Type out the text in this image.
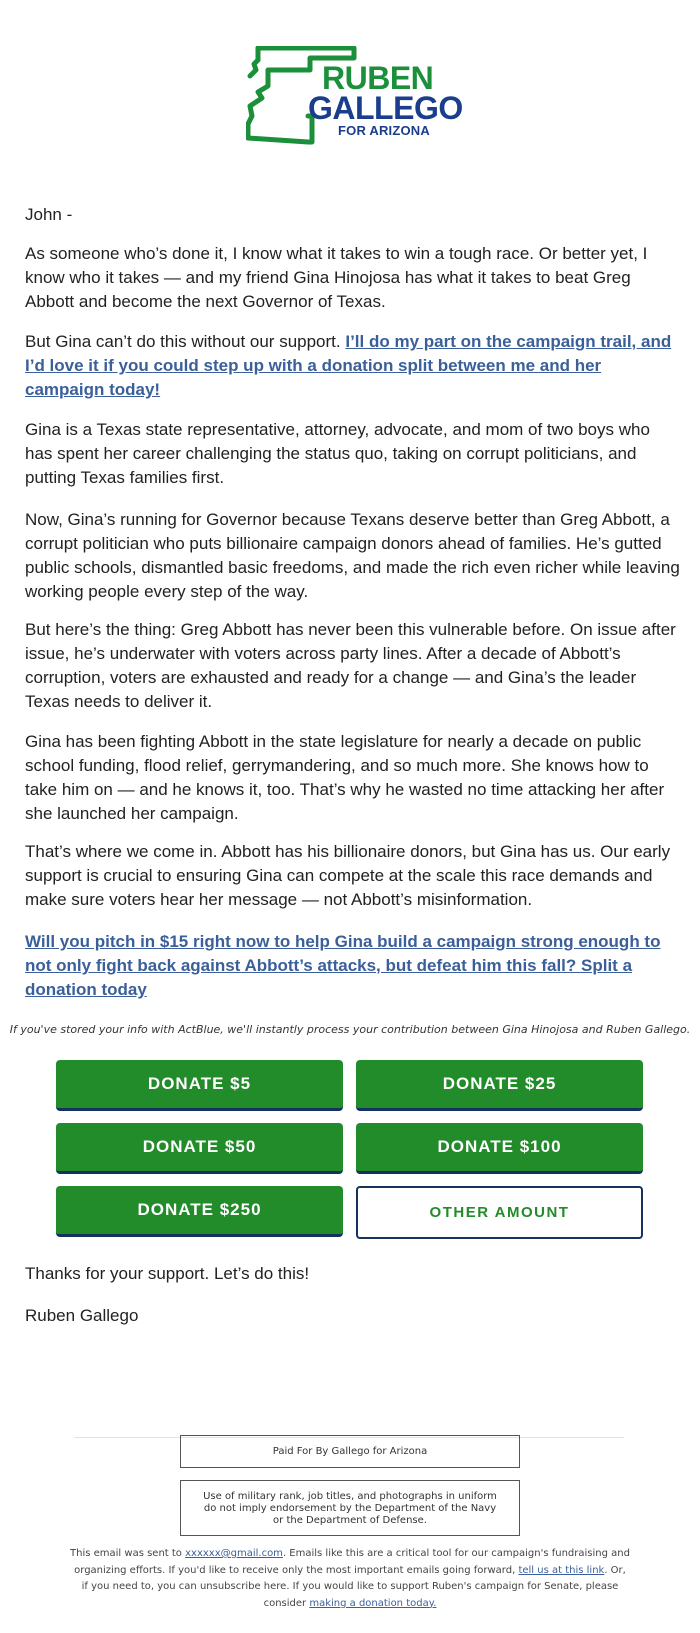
RUBEN
GALLEGO
FOR ARIZONA
John -
As someone who’s done it, I know what it takes to win a tough race. Or better yet, I know who it takes — and my friend Gina Hinojosa has what it takes to beat Greg Abbott and become the next Governor of Texas.
But Gina can’t do this without our support. I’ll do my part on the campaign trail, and I’d love it if you could step up with a donation split between me and her campaign today!
Gina is a Texas state representative, attorney, advocate, and mom of two boys who has spent her career challenging the status quo, taking on corrupt politicians, and putting Texas families first.
Now, Gina’s running for Governor because Texans deserve better than Greg Abbott, a corrupt politician who puts billionaire campaign donors ahead of families. He’s gutted public schools, dismantled basic freedoms, and made the rich even richer while leaving working people every step of the way.
But here’s the thing: Greg Abbott has never been this vulnerable before. On issue after issue, he’s underwater with voters across party lines. After a decade of Abbott’s corruption, voters are exhausted and ready for a change — and Gina’s the leader Texas needs to deliver it.
Gina has been fighting Abbott in the state legislature for nearly a decade on public school funding, flood relief, gerrymandering, and so much more. She knows how to take him on — and he knows it, too. That’s why he wasted no time attacking her after she launched her campaign.
That’s where we come in. Abbott has his billionaire donors, but Gina has us. Our early support is crucial to ensuring Gina can compete at the scale this race demands and make sure voters hear her message — not Abbott’s misinformation.
Will you pitch in $15 right now to help Gina build a campaign strong enough to not only fight back against Abbott’s attacks, but defeat him this fall? Split a donation today
If you've stored your info with ActBlue, we'll instantly process your contribution between Gina Hinojosa and Ruben Gallego.
DONATE $5	DONATE $25
DONATE $50	DONATE $100
DONATE $250	OTHER AMOUNT
Thanks for your support. Let’s do this!
Ruben Gallego
Paid For By Gallego for Arizona
Use of military rank, job titles, and photographs in uniform do not imply endorsement by the Department of the Navy or the Department of Defense.
This email was sent to xxxxxx@gmail.com. Emails like this are a critical tool for our campaign's fundraising and organizing efforts. If you'd like to receive only the most important emails going forward, tell us at this link. Or, if you need to, you can unsubscribe here. If you would like to support Ruben's campaign for Senate, please consider making a donation today.
